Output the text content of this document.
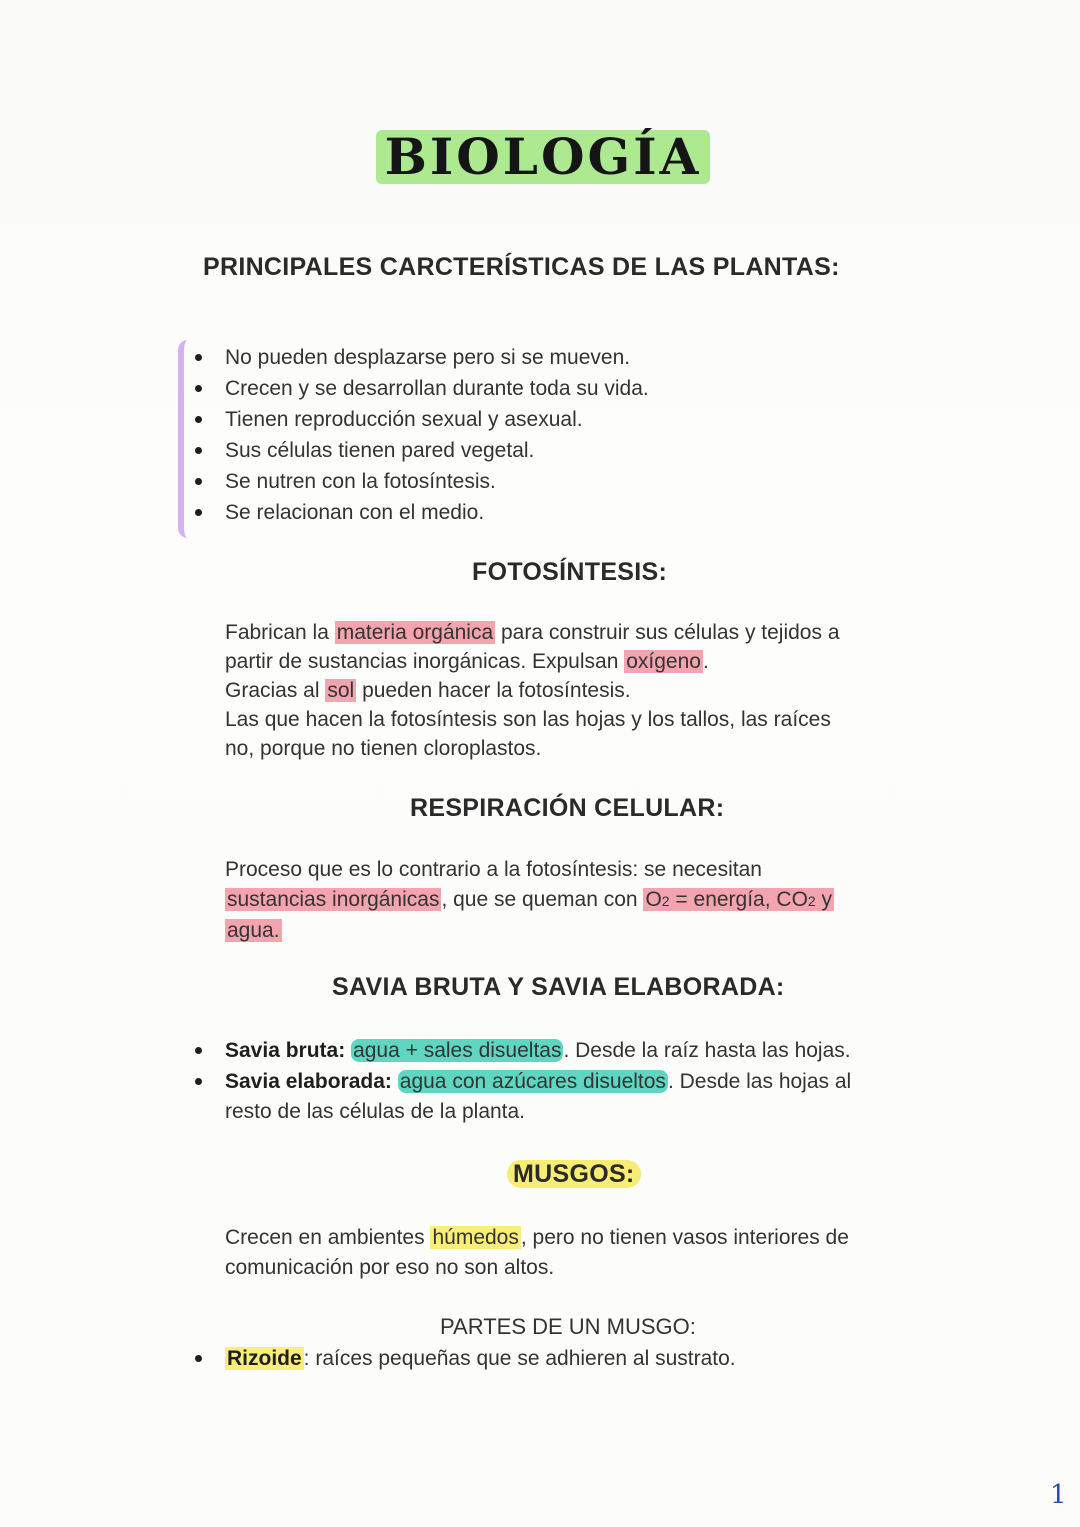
BIOLOGÍA
PRINCIPALES CARCTERÍSTICAS DE LAS PLANTAS:
No pueden desplazarse pero si se mueven.
Crecen y se desarrollan durante toda su vida.
Tienen reproducción sexual y asexual.
Sus células tienen pared vegetal.
Se nutren con la fotosíntesis.
Se relacionan con el medio.
FOTOSÍNTESIS:
Fabrican la materia orgánica para construir sus células y tejidos a
partir de sustancias inorgánicas. Expulsan oxígeno.
Gracias al sol pueden hacer la fotosíntesis.
Las que hacen la fotosíntesis son las hojas y los tallos, las raíces
no, porque no tienen cloroplastos.
RESPIRACIÓN CELULAR:
Proceso que es lo contrario a la fotosíntesis: se necesitan
sustancias inorgánicas, que se queman con O2 = energía, CO2 y
agua.
SAVIA BRUTA Y SAVIA ELABORADA:
Savia bruta: agua + sales disueltas. Desde la raíz hasta las hojas.
Savia elaborada: agua con azúcares disueltos. Desde las hojas al
resto de las células de la planta.
MUSGOS:
Crecen en ambientes húmedos, pero no tienen vasos interiores de
comunicación por eso no son altos.
PARTES DE UN MUSGO:
Rizoide: raíces pequeñas que se adhieren al sustrato.
1
